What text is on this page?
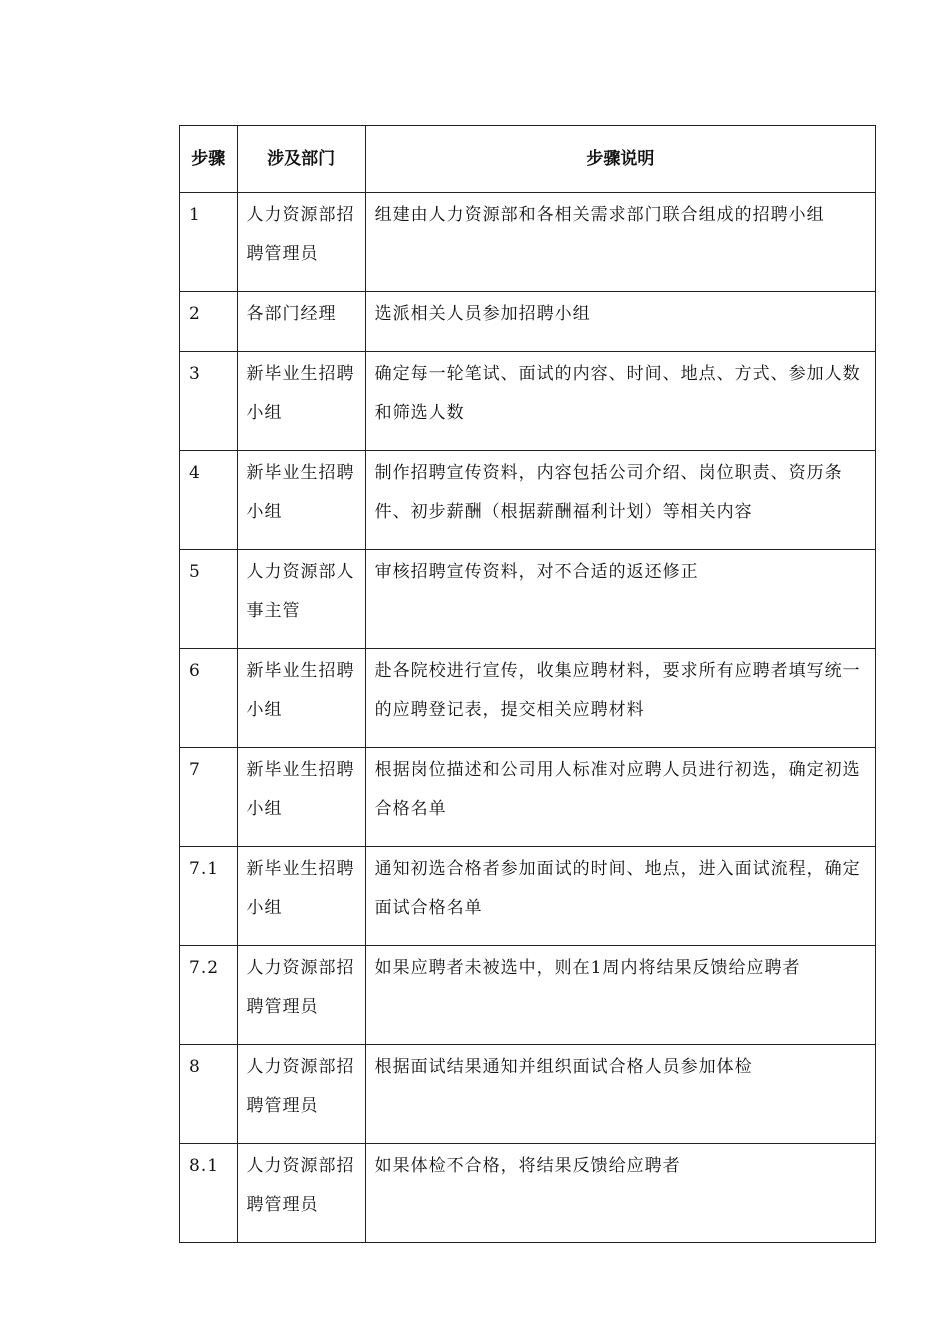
步骤	涉及部门	步骤说明
1	人力资源部招聘管理员	组建由人力资源部和各相关需求部门联合组成的招聘小组
2	各部门经理	选派相关人员参加招聘小组
3	新毕业生招聘小组	确定每一轮笔试、面试的内容、时间、地点、方式、参加人数和筛选人数
4	新毕业生招聘小组	制作招聘宣传资料，内容包括公司介绍、岗位职责、资历条件、初步薪酬（根据薪酬福利计划）等相关内容
5	人力资源部人事主管	审核招聘宣传资料，对不合适的返还修正
6	新毕业生招聘小组	赴各院校进行宣传，收集应聘材料，要求所有应聘者填写统一的应聘登记表，提交相关应聘材料
7	新毕业生招聘小组	根据岗位描述和公司用人标准对应聘人员进行初选，确定初选合格名单
7.1	新毕业生招聘小组	通知初选合格者参加面试的时间、地点，进入面试流程，确定面试合格名单
7.2	人力资源部招聘管理员	如果应聘者未被选中，则在1周内将结果反馈给应聘者
8	人力资源部招聘管理员	根据面试结果通知并组织面试合格人员参加体检
8.1	人力资源部招聘管理员	如果体检不合格，将结果反馈给应聘者
